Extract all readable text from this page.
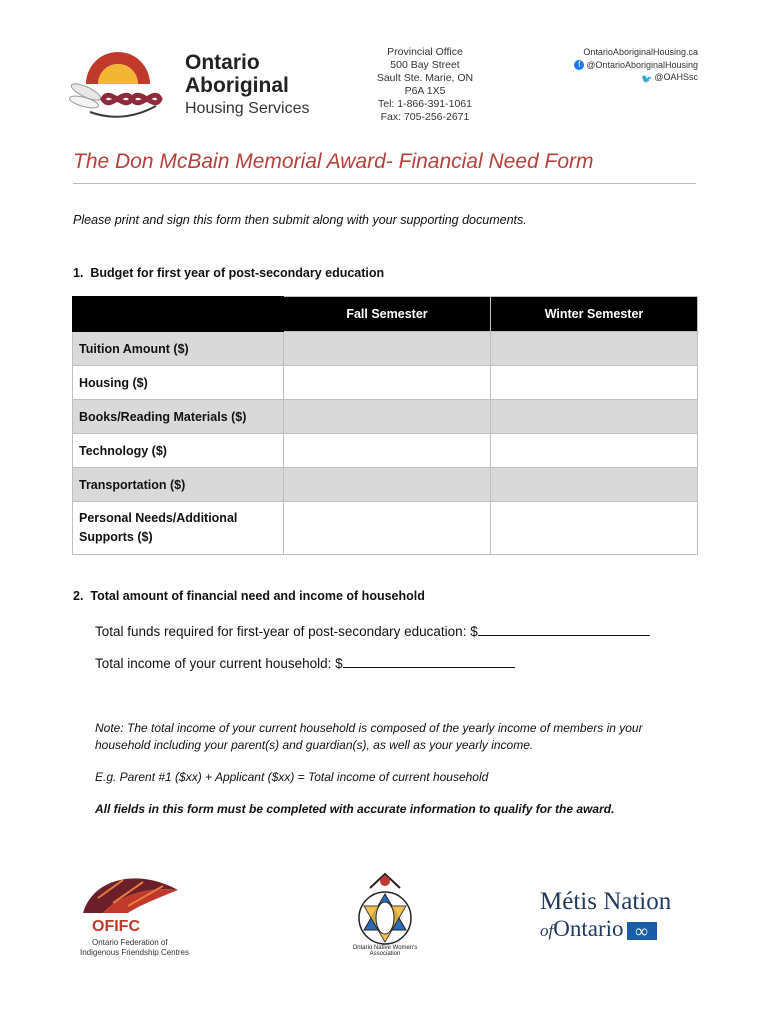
Ontario
Aboriginal
Housing Services
Provincial Office
500 Bay Street
Sault Ste. Marie, ON
P6A 1X5
Tel: 1-866-391-1061
Fax: 705-256-2671
OntarioAboriginalHousing.ca
f @OntarioAboriginalHousing
🐦 @OAHSsc
The Don McBain Memorial Award- Financial Need Form
Please print and sign this form then submit along with your supporting documents.
1.  Budget for first year of post-secondary education
	Fall Semester	Winter Semester
Tuition Amount ($)		
Housing ($)		
Books/Reading Materials ($)		
Technology ($)		
Transportation ($)		
Personal Needs/Additional Supports ($)		
2.  Total amount of financial need and income of household
Total funds required for first-year of post-secondary education: $
Total income of your current household: $
Note: The total income of your current household is composed of the yearly income of members in your household including your parent(s) and guardian(s), as well as your yearly income.
E.g. Parent #1 ($xx) + Applicant ($xx) = Total income of current household
All fields in this form must be completed with accurate information to qualify for the award.
OFIFC
Ontario Federation of
Indigenous Friendship Centres	Ontario Native Women's Association
Métis Nation
ofOntario ∞
